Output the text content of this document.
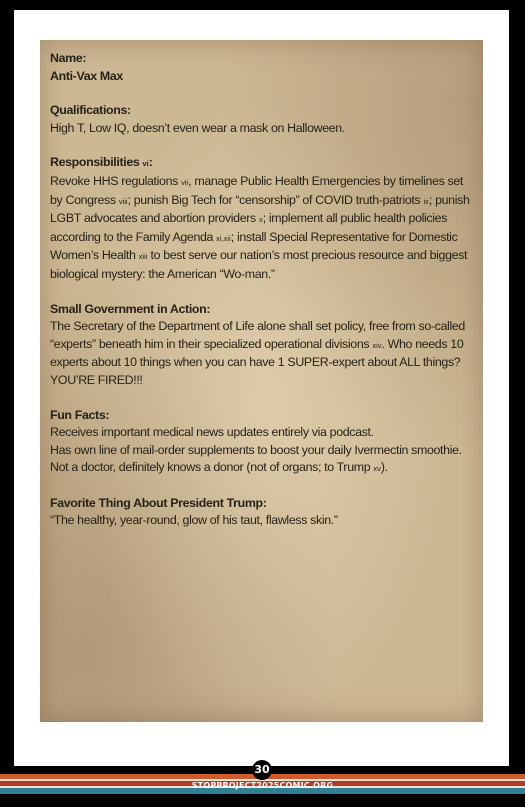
Name:
Anti-Vax Max
Qualifications:

High T, Low IQ, doesn’t even wear a mask on Halloween.

Responsibilities vi:

Revoke HHS regulations vii, manage Public Health Emergencies by timelines set by Congress viii; punish Big Tech for “censorship” of COVID truth-patriots ix; punish LGBT advocates and abortion providers x; implement all public health policies according to the Family Agenda xi,xii; install Special Representative for Domestic Women’s Health xiii to best serve our nation’s most precious resource and biggest biological mystery: the American “Wo-man.”

Small Government in Action:

The Secretary of the Department of Life alone shall set policy, free from so-called “experts” beneath him in their specialized operational divisions xiv. Who needs 10 experts about 10 things when you can have 1 SUPER-expert about ALL things? YOU’RE FIRED!!!

Fun Facts:
Receives important medical news updates entirely via podcast.
Has own line of mail-order supplements to boost your daily Ivermectin smoothie.
Not a doctor, definitely knows a donor (not of organs; to Trump xv).
Favorite Thing About President Trump:

“The healthy, year-round, glow of his taut, flawless skin.”

30
STOPPROJECT2025COMIC.ORG
